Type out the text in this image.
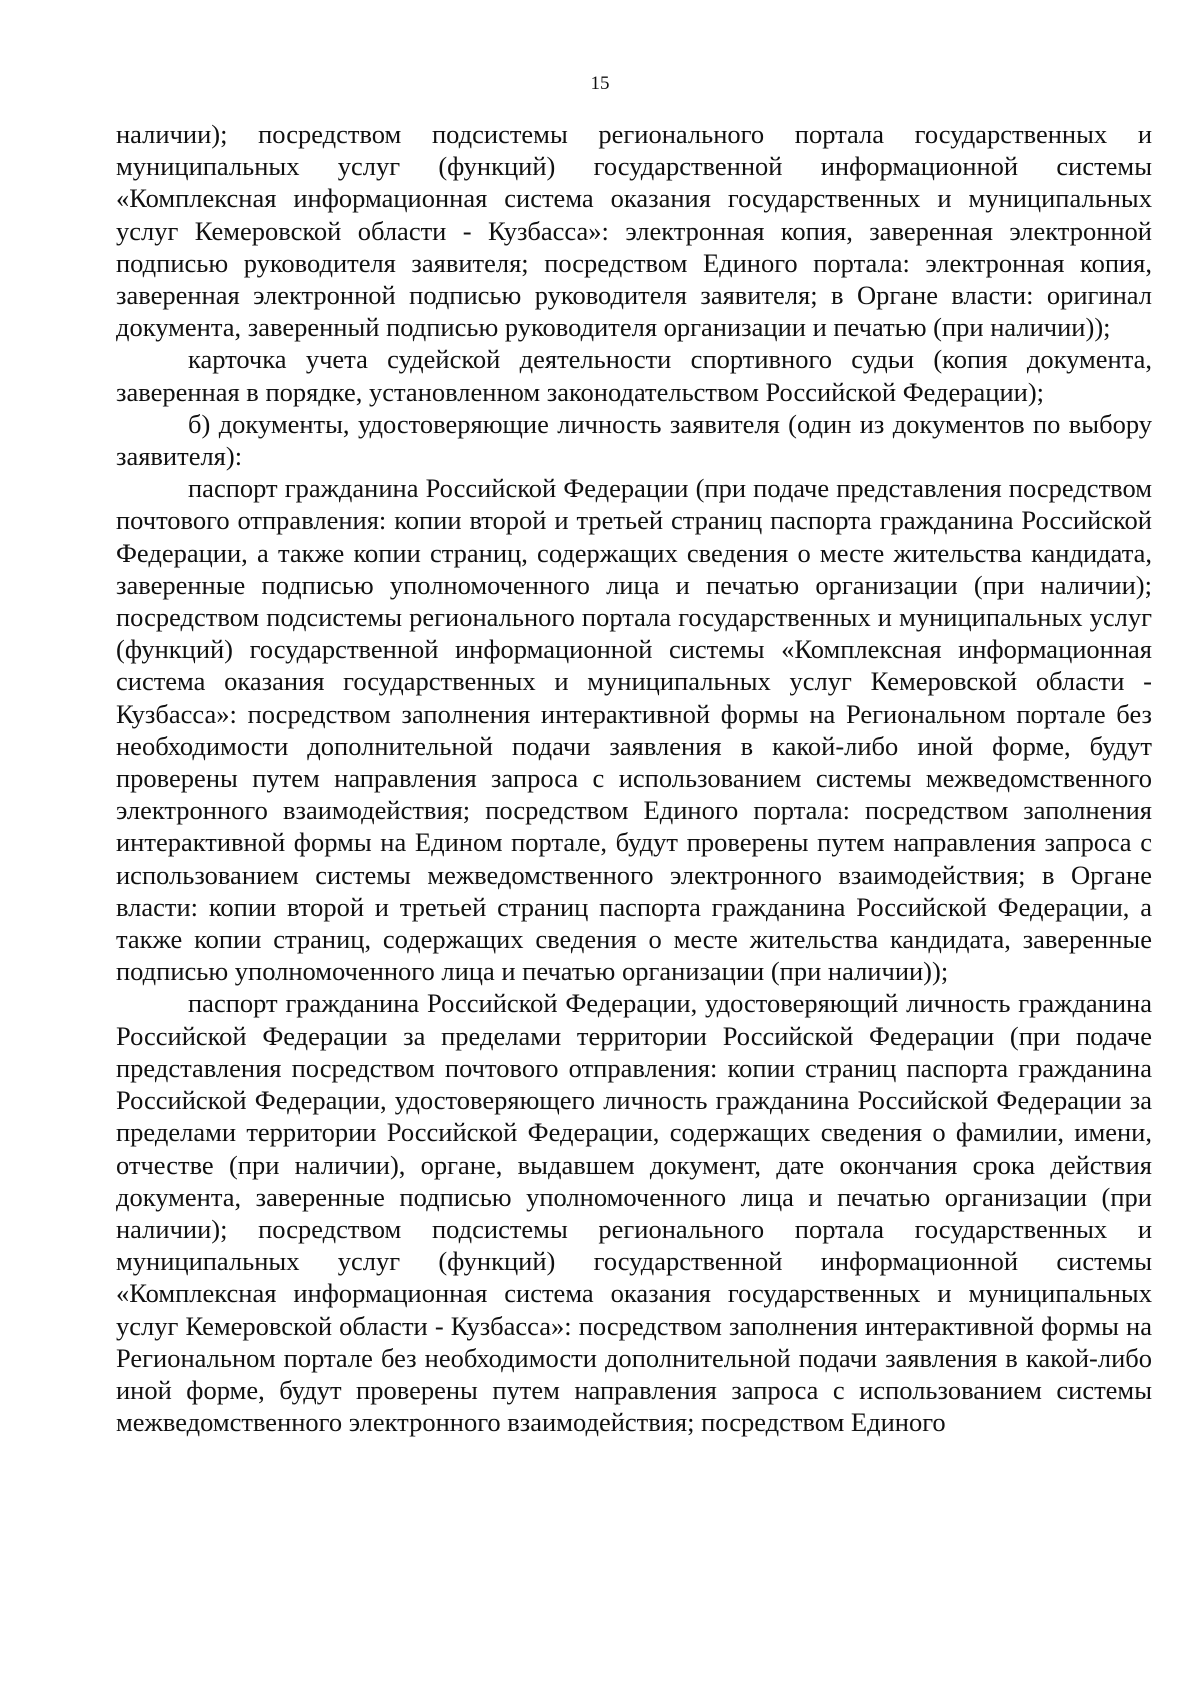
15

наличии); посредством подсистемы регионального портала государственных и муниципальных услуг (функций) государственной информационной системы «Комплексная информационная система оказания государственных и муниципальных услуг Кемеровской области - Кузбасса»: электронная копия, заверенная электронной подписью руководителя заявителя; посредством Единого портала: электронная копия, заверенная электронной подписью руководителя заявителя; в Органе власти: оригинал документа, заверенный подписью руководителя организации и печатью (при наличии));

карточка учета судейской деятельности спортивного судьи (копия документа, заверенная в порядке, установленном законодательством Российской Федерации);

б) документы, удостоверяющие личность заявителя (один из документов по выбору заявителя):

паспорт гражданина Российской Федерации (при подаче представления посредством почтового отправления: копии второй и третьей страниц паспорта гражданина Российской Федерации, а также копии страниц, содержащих сведения о месте жительства кандидата, заверенные подписью уполномоченного лица и печатью организации (при наличии); посредством подсистемы регионального портала государственных и муниципальных услуг (функций) государственной информационной системы «Комплексная информационная система оказания государственных и муниципальных услуг Кемеровской области - Кузбасса»: посредством заполнения интерактивной формы на Региональном портале без необходимости дополнительной подачи заявления в какой-либо иной форме, будут проверены путем направления запроса с использованием системы межведомственного электронного взаимодействия; посредством Единого портала: посредством заполнения интерактивной формы на Едином портале, будут проверены путем направления запроса с использованием системы межведомственного электронного взаимодействия; в Органе власти: копии второй и третьей страниц паспорта гражданина Российской Федерации, а также копии страниц, содержащих сведения о месте жительства кандидата, заверенные подписью уполномоченного лица и печатью организации (при наличии));

паспорт гражданина Российской Федерации, удостоверяющий личность гражданина Российской Федерации за пределами территории Российской Федерации (при подаче представления посредством почтового отправления: копии страниц паспорта гражданина Российской Федерации, удостоверяющего личность гражданина Российской Федерации за пределами территории Российской Федерации, содержащих сведения о фамилии, имени, отчестве (при наличии), органе, выдавшем документ, дате окончания срока действия документа, заверенные подписью уполномоченного лица и печатью организации (при наличии); посредством подсистемы регионального портала государственных и муниципальных услуг (функций) государственной информационной системы «Комплексная информационная система оказания государственных и муниципальных услуг Кемеровской области - Кузбасса»: посредством заполнения интерактивной формы на Региональном портале без необходимости дополнительной подачи заявления в какой-либо иной форме, будут проверены путем направления запроса с использованием системы межведомственного электронного взаимодействия; посредством Единого
